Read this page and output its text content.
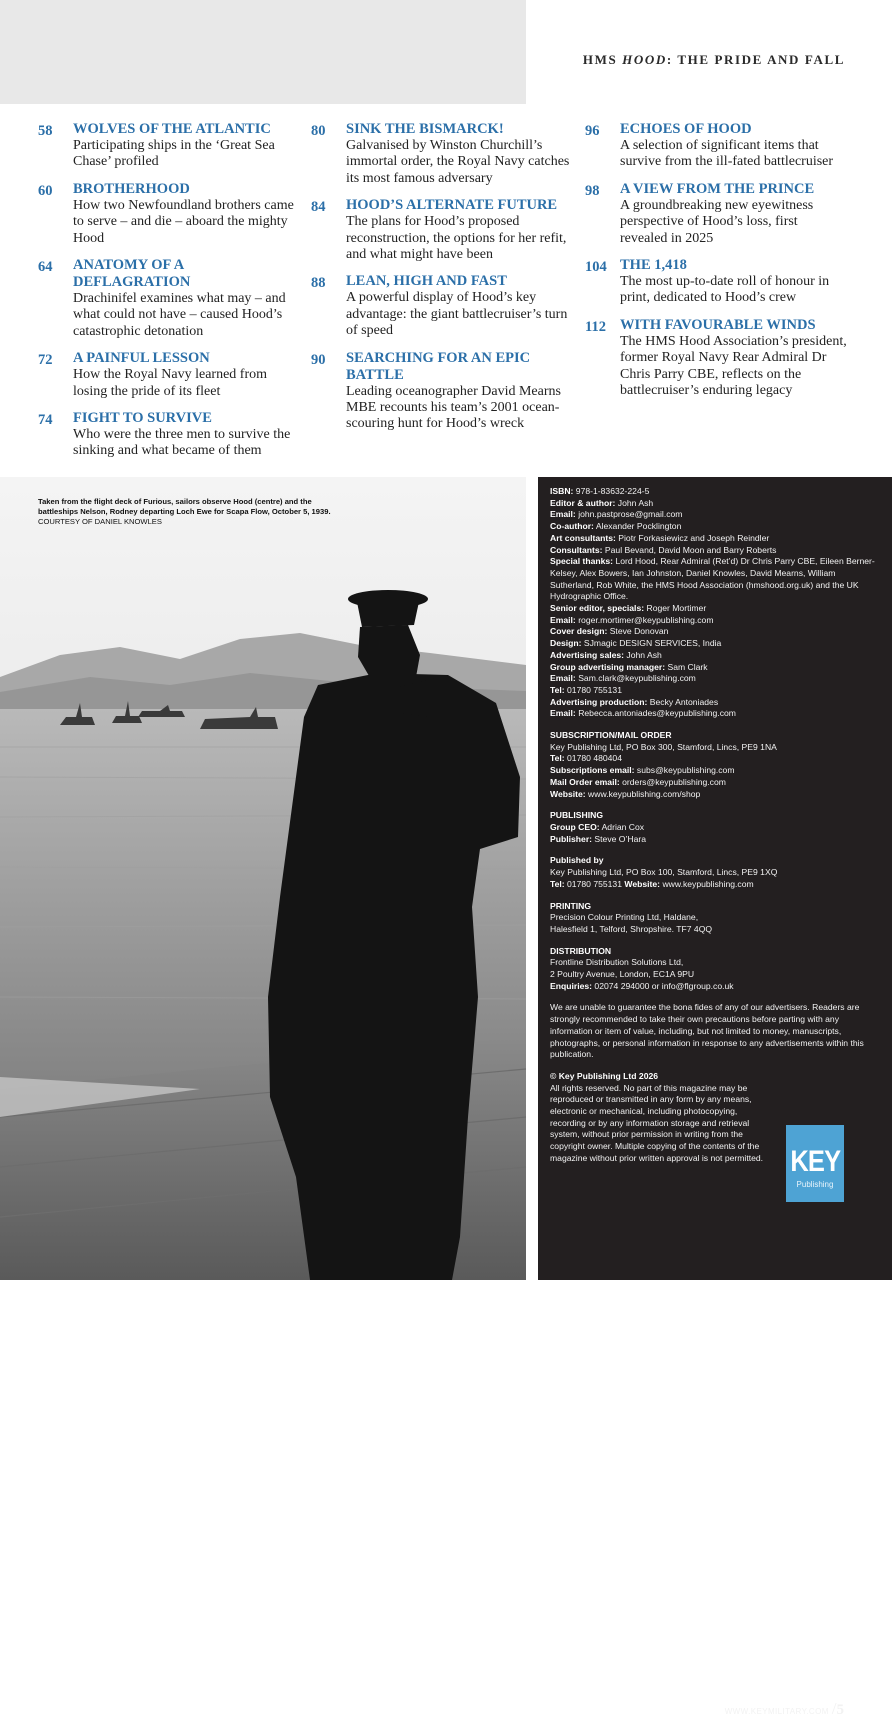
HMS HOOD: THE PRIDE AND FALL
58 WOLVES OF THE ATLANTIC
Participating ships in the ‘Great Sea Chase’ profiled
60 BROTHERHOOD
How two Newfoundland brothers came to serve – and die – aboard the mighty Hood
64 ANATOMY OF A DEFLAGRATION
Drachinifel examines what may – and what could not have – caused Hood’s catastrophic detonation
72 A PAINFUL LESSON
How the Royal Navy learned from losing the pride of its fleet
74 FIGHT TO SURVIVE
Who were the three men to survive the sinking and what became of them
80 SINK THE BISMARCK!
Galvanised by Winston Churchill’s immortal order, the Royal Navy catches its most famous adversary
84 HOOD’S ALTERNATE FUTURE
The plans for Hood’s proposed reconstruction, the options for her refit, and what might have been
88 LEAN, HIGH AND FAST
A powerful display of Hood’s key advantage: the giant battlecruiser’s turn of speed
90 SEARCHING FOR AN EPIC BATTLE
Leading oceanographer David Mearns MBE recounts his team’s 2001 ocean-scouring hunt for Hood’s wreck
96 ECHOES OF HOOD
A selection of significant items that survive from the ill-fated battlecruiser
98 A VIEW FROM THE PRINCE
A groundbreaking new eyewitness perspective of Hood’s loss, first revealed in 2025
104 THE 1,418
The most up-to-date roll of honour in print, dedicated to Hood’s crew
112 WITH FAVOURABLE WINDS
The HMS Hood Association’s president, former Royal Navy Rear Admiral Dr Chris Parry CBE, reflects on the battlecruiser’s enduring legacy
Taken from the flight deck of Furious, sailors observe Hood (centre) and the battleships Nelson, Rodney departing Loch Ewe for Scapa Flow, October 5, 1939. COURTESY OF DANIEL KNOWLES
ISBN: 978-1-83632-224-5
Editor & author: John Ash
Email: john.pastprose@gmail.com
Co-author: Alexander Pocklington
Art consultants: Piotr Forkasiewicz and Joseph Reindler
Consultants: Paul Bevand, David Moon and Barry Roberts
Special thanks: Lord Hood, Rear Admiral (Ret’d) Dr Chris Parry CBE, Eileen Berner-Kelsey, Alex Bowers, Ian Johnston, Daniel Knowles, David Mearns, William Sutherland, Rob White, the HMS Hood Association (hmshood.org.uk) and the UK Hydrographic Office.
Senior editor, specials: Roger Mortimer
Email: roger.mortimer@keypublishing.com
Cover design: Steve Donovan
Design: SJmagic DESIGN SERVICES, India
Advertising sales: John Ash
Group advertising manager: Sam Clark
Email: Sam.clark@keypublishing.com
Tel: 01780 755131
Advertising production: Becky Antoniades
Email: Rebecca.antoniades@keypublishing.com
SUBSCRIPTION/MAIL ORDER
Key Publishing Ltd, PO Box 300, Stamford, Lincs, PE9 1NA
Tel: 01780 480404
Subscriptions email: subs@keypublishing.com
Mail Order email: orders@keypublishing.com
Website: www.keypublishing.com/shop
PUBLISHING
Group CEO: Adrian Cox
Publisher: Steve O’Hara
Published by
Key Publishing Ltd, PO Box 100, Stamford, Lincs, PE9 1XQ
Tel: 01780 755131 Website: www.keypublishing.com
PRINTING
Precision Colour Printing Ltd, Haldane,
Halesfield 1, Telford, Shropshire. TF7 4QQ
DISTRIBUTION
Frontline Distribution Solutions Ltd,
2 Poultry Avenue, London, EC1A 9PU
Enquiries: 02074 294000 or info@flgroup.co.uk
We are unable to guarantee the bona fides of any of our advertisers. Readers are strongly recommended to take their own precautions before parting with any information or item of value, including, but not limited to money, manuscripts, photographs, or personal information in response to any advertisements within this publication.
© Key Publishing Ltd 2026
All rights reserved. No part of this magazine may be reproduced or transmitted in any form by any means, electronic or mechanical, including photocopying, recording or by any information storage and retrieval system, without prior permission in writing from the copyright owner. Multiple copying of the contents of the magazine without prior written approval is not permitted. KEY
Publishing
WWW.KEYMILITARY.COM /5
